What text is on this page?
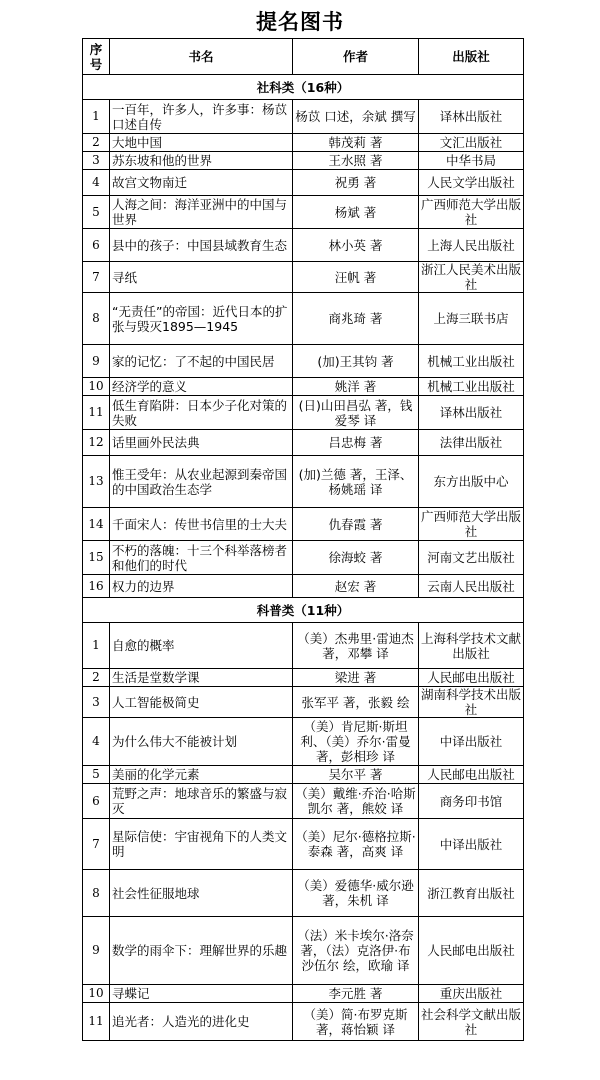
提名图书
序号	书名	作者	出版社
社科类（16种）			
1	一百年，许多人，许多事：杨苡口述自传	杨苡 口述，余斌 撰写	译林出版社
2	大地中国	韩茂莉 著	文汇出版社
3	苏东坡和他的世界	王水照 著	中华书局
4	故宫文物南迁	祝勇 著	人民文学出版社
5	人海之间：海洋亚洲中的中国与世界	杨斌 著	广西师范大学出版社
6	县中的孩子：中国县域教育生态	林小英 著	上海人民出版社
7	寻纸	汪帆 著	浙江人民美术出版社
8	“无责任”的帝国：近代日本的扩张与毁灭1895—1945	商兆琦 著	上海三联书店
9	家的记忆：了不起的中国民居	(加)王其钧 著	机械工业出版社
10	经济学的意义	姚洋 著	机械工业出版社
11	低生育陷阱：日本少子化对策的失败	(日)山田昌弘 著，钱爱琴 译	译林出版社
12	话里画外民法典	吕忠梅 著	法律出版社
13	惟王受年：从农业起源到秦帝国的中国政治生态学	(加)兰德 著，王泽、杨姚瑶 译	东方出版中心
14	千面宋人：传世书信里的士大夫	仇春霞 著	广西师范大学出版社
15	不朽的落魄：十三个科举落榜者和他们的时代	徐海蛟 著	河南文艺出版社
16	权力的边界	赵宏 著	云南人民出版社
科普类（11种）			
1	自愈的概率	（美）杰弗里·雷迪杰 著，邓攀 译	上海科学技术文献出版社
2	生活是堂数学课	梁进 著	人民邮电出版社
3	人工智能极简史	张军平 著，张毅 绘	湖南科学技术出版社
4	为什么伟大不能被计划	（美）肯尼斯·斯坦利、（美）乔尔·雷曼著，彭相珍 译	中译出版社
5	美丽的化学元素	吴尔平 著	人民邮电出版社
6	荒野之声：地球音乐的繁盛与寂灭	（美）戴维·乔治·哈斯凯尔 著，熊姣 译	商务印书馆
7	星际信使：宇宙视角下的人类文明	（美）尼尔·德格拉斯·泰森 著，高爽 译	中译出版社
8	社会性征服地球	（美）爱德华·威尔逊 著，朱机 译	浙江教育出版社
9	数学的雨伞下：理解世界的乐趣	（法）米卡埃尔·洛奈 著，（法）克洛伊·布沙伍尔 绘，欧瑜 译	人民邮电出版社
10	寻蝶记	李元胜 著	重庆出版社
11	追光者：人造光的进化史	（美）简·布罗克斯 著，蒋怡颖 译	社会科学文献出版社
